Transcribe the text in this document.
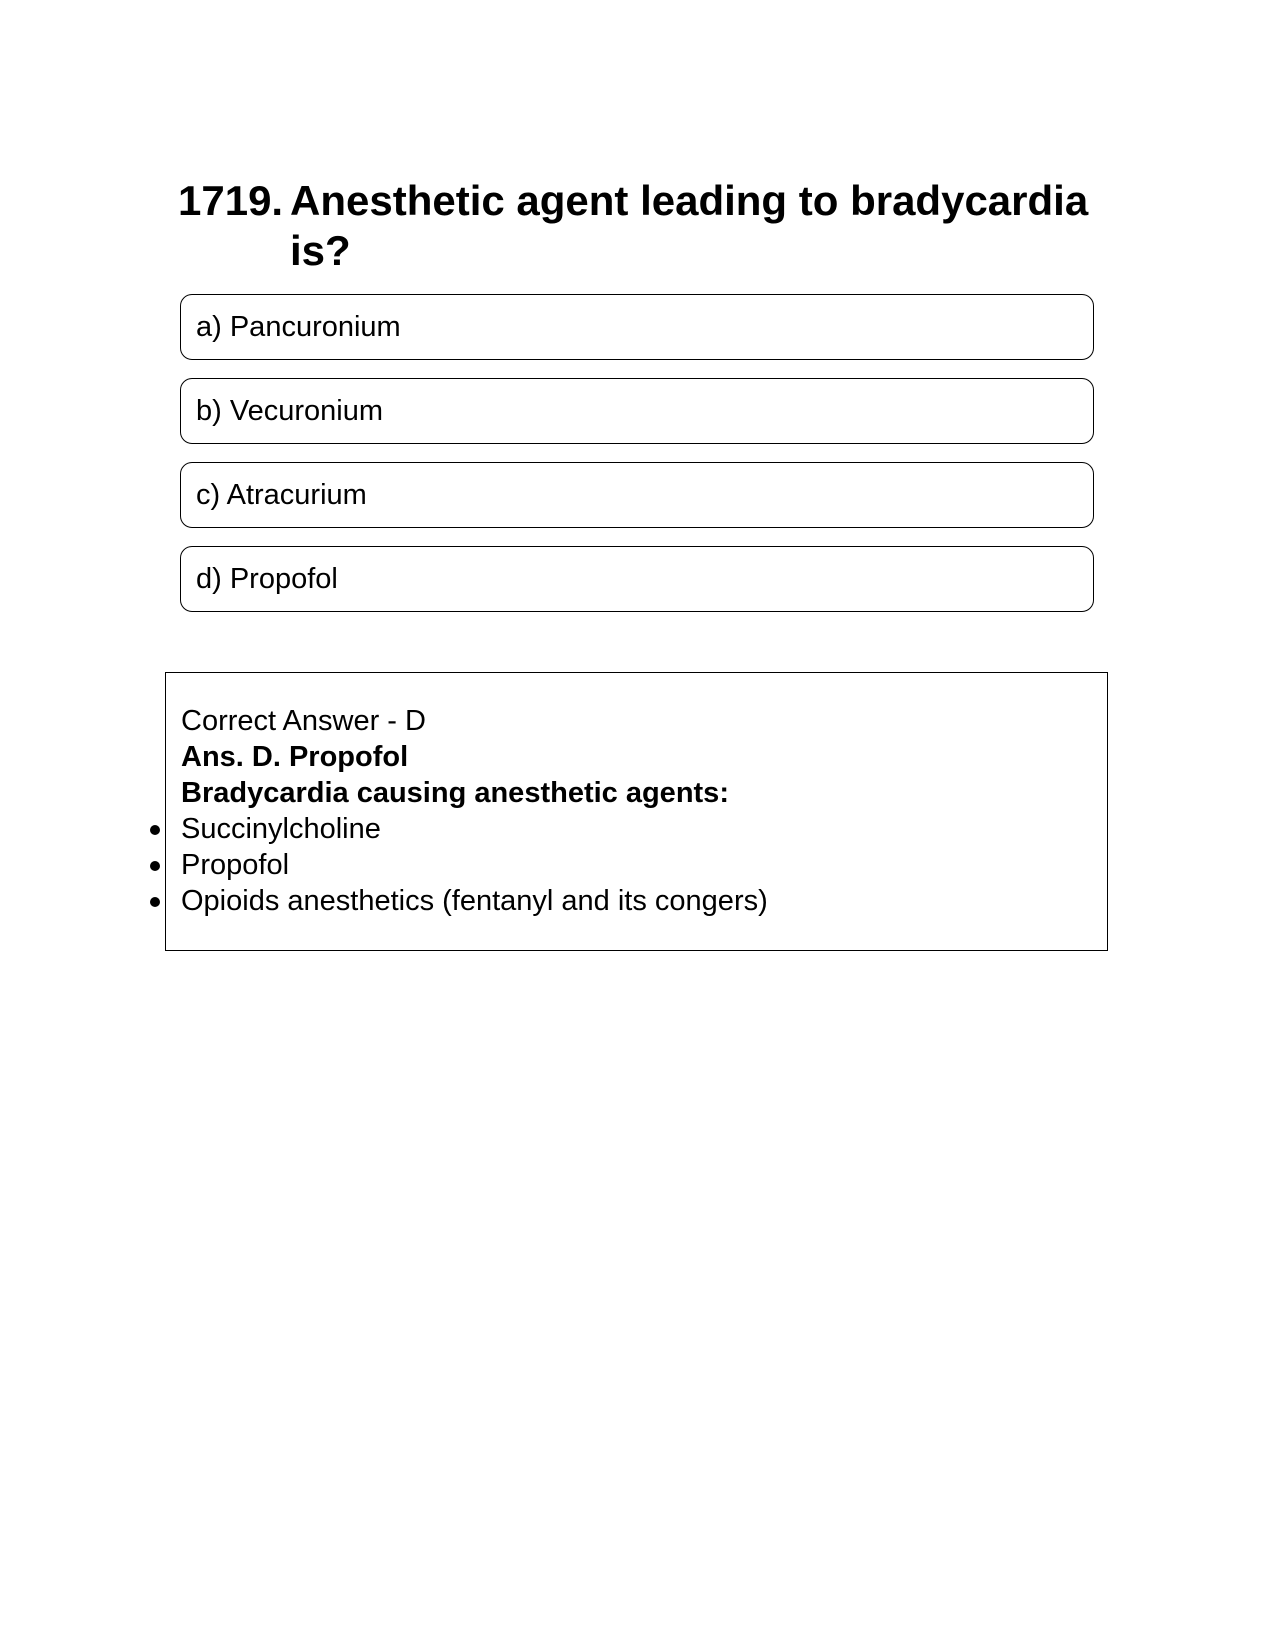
1719. Anesthetic agent leading to bradycardia is?
a) Pancuronium
b) Vecuronium
c) Atracurium
d) Propofol
Correct Answer - D
Ans. D. Propofol
Bradycardia causing anesthetic agents:
Succinylcholine
Propofol
Opioids anesthetics (fentanyl and its congers)
